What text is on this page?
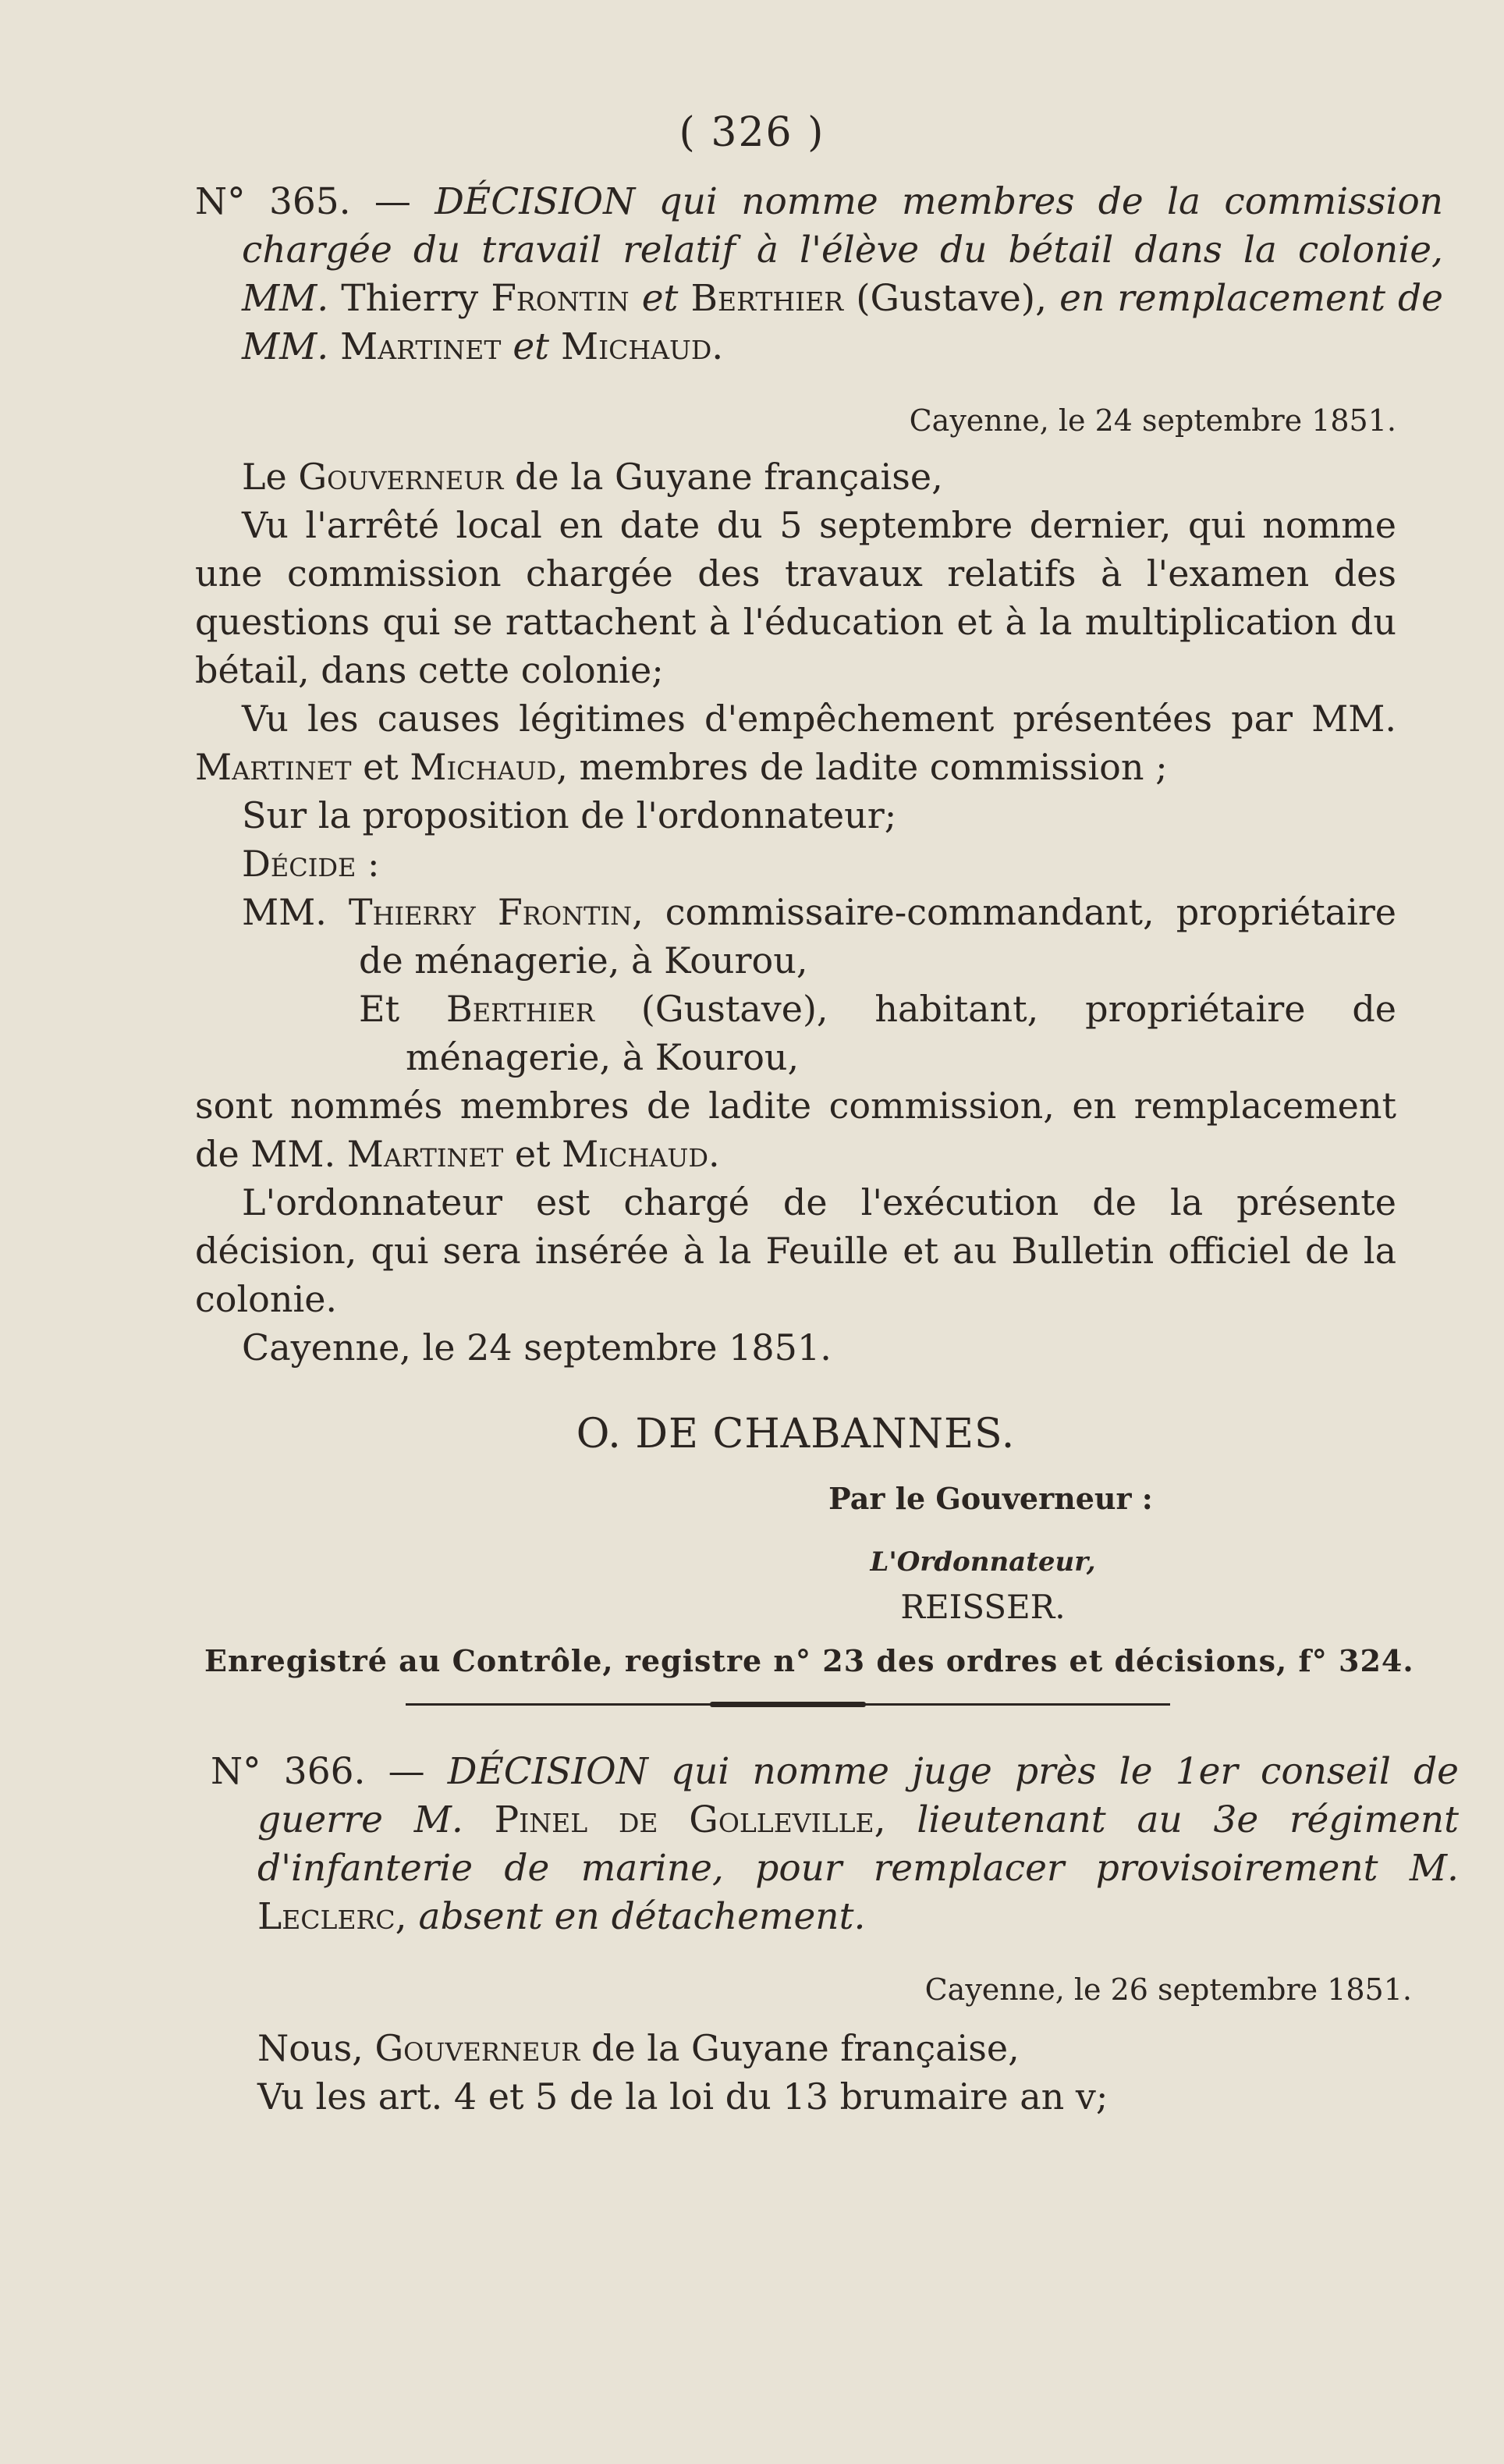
( 326 )
N° 365. — DÉCISION qui nomme membres de la commission chargée du travail relatif à l'élève du bétail dans la colonie, MM. Thierry Frontin et Berthier (Gustave), en remplacement de MM. Martinet et Michaud.
Cayenne, le 24 septembre 1851.
Le Gouverneur de la Guyane française,
Vu l'arrêté local en date du 5 septembre dernier, qui nomme une commission chargée des travaux relatifs à l'examen des questions qui se rattachent à l'éducation et à la multiplication du bétail, dans cette colonie;
Vu les causes légitimes d'empêchement présentées par MM. Martinet et Michaud, membres de ladite commission ;
Sur la proposition de l'ordonnateur;
Décide :
MM. Thierry Frontin, commissaire-commandant, propriétaire de ménagerie, à Kourou,
Et Berthier (Gustave), habitant, propriétaire de ménagerie, à Kourou,
sont nommés membres de ladite commission, en remplacement de MM. Martinet et Michaud.
L'ordonnateur est chargé de l'exécution de la présente décision, qui sera insérée à la Feuille et au Bulletin officiel de la colonie.
Cayenne, le 24 septembre 1851.
O. DE CHABANNES.
Par le Gouverneur :
L'Ordonnateur,
REISSER.
Enregistré au Contrôle, registre n° 23 des ordres et décisions, f° 324.
N° 366. — DÉCISION qui nomme juge près le 1er conseil de guerre M. Pinel de Golleville, lieutenant au 3e régiment d'infanterie de marine, pour remplacer provisoirement M. Leclerc, absent en détachement.
Cayenne, le 26 septembre 1851.
Nous, Gouverneur de la Guyane française,
Vu les art. 4 et 5 de la loi du 13 brumaire an v;
